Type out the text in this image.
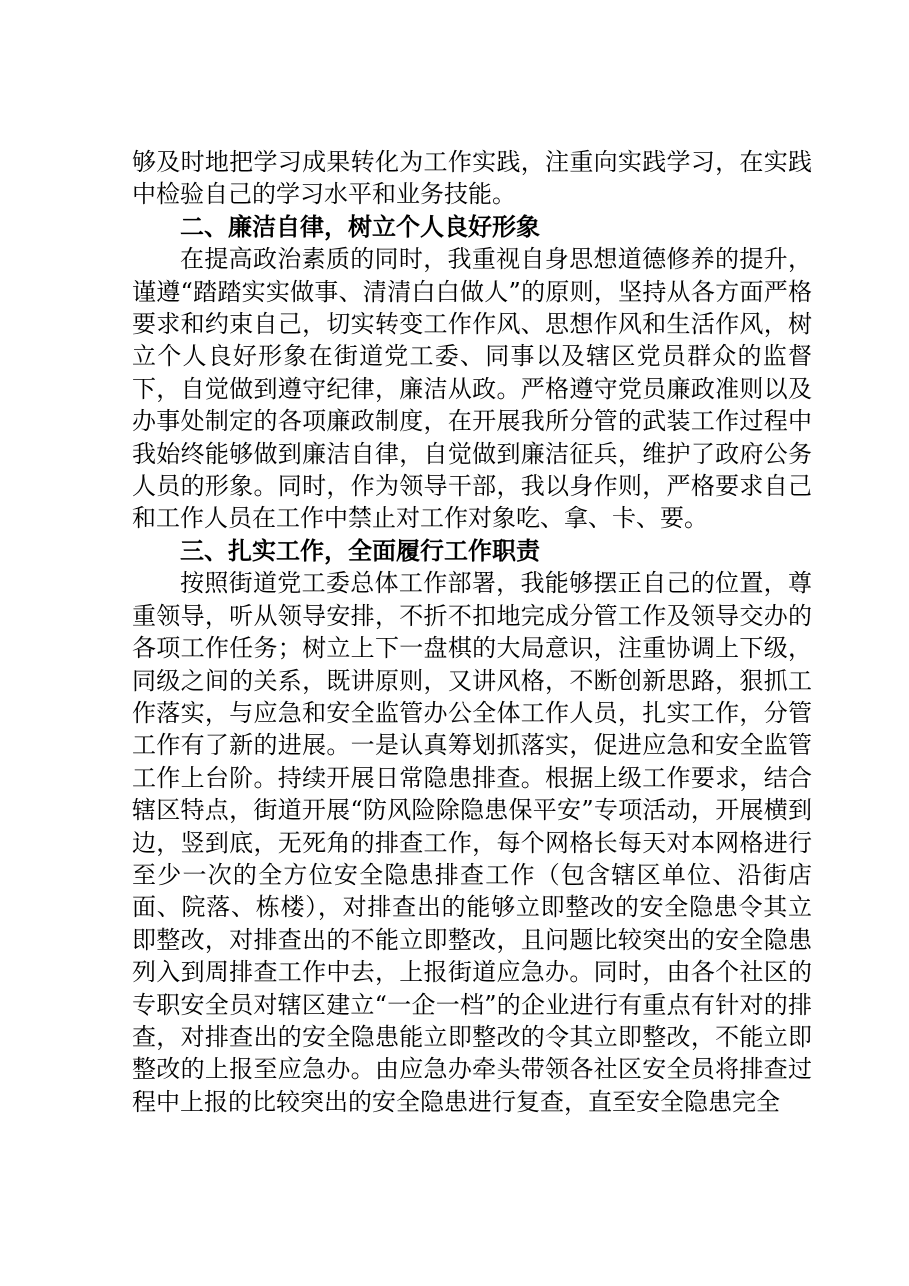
够及时地把学习成果转化为工作实践，注重向实践学习，在实践中检验自己的学习水平和业务技能。

二、廉洁自律，树立个人良好形象

在提高政治素质的同时，我重视自身思想道德修养的提升，谨遵“踏踏实实做事、清清白白做人”的原则，坚持从各方面严格要求和约束自己，切实转变工作作风、思想作风和生活作风，树立个人良好形象在街道党工委、同事以及辖区党员群众的监督下，自觉做到遵守纪律，廉洁从政。严格遵守党员廉政准则以及办事处制定的各项廉政制度，在开展我所分管的武装工作过程中我始终能够做到廉洁自律，自觉做到廉洁征兵，维护了政府公务人员的形象。同时，作为领导干部，我以身作则，严格要求自己和工作人员在工作中禁止对工作对象吃、拿、卡、要。

三、扎实工作，全面履行工作职责

按照街道党工委总体工作部署，我能够摆正自己的位置，尊重领导，听从领导安排，不折不扣地完成分管工作及领导交办的各项工作任务；树立上下一盘棋的大局意识，注重协调上下级，同级之间的关系，既讲原则，又讲风格，不断创新思路，狠抓工作落实，与应急和安全监管办公全体工作人员，扎实工作，分管工作有了新的进展。一是认真筹划抓落实，促进应急和安全监管工作上台阶。持续开展日常隐患排查。根据上级工作要求，结合辖区特点，街道开展“防风险除隐患保平安”专项活动，开展横到边，竖到底，无死角的排查工作，每个网格长每天对本网格进行至少一次的全方位安全隐患排查工作（包含辖区单位、沿街店面、院落、栋楼），对排查出的能够立即整改的安全隐患令其立即整改，对排查出的不能立即整改，且问题比较突出的安全隐患列入到周排查工作中去，上报街道应急办。同时，由各个社区的专职安全员对辖区建立“一企一档”的企业进行有重点有针对的排查，对排查出的安全隐患能立即整改的令其立即整改，不能立即整改的上报至应急办。由应急办牵头带领各社区安全员将排查过程中上报的比较突出的安全隐患进行复查，直至安全隐患完全
